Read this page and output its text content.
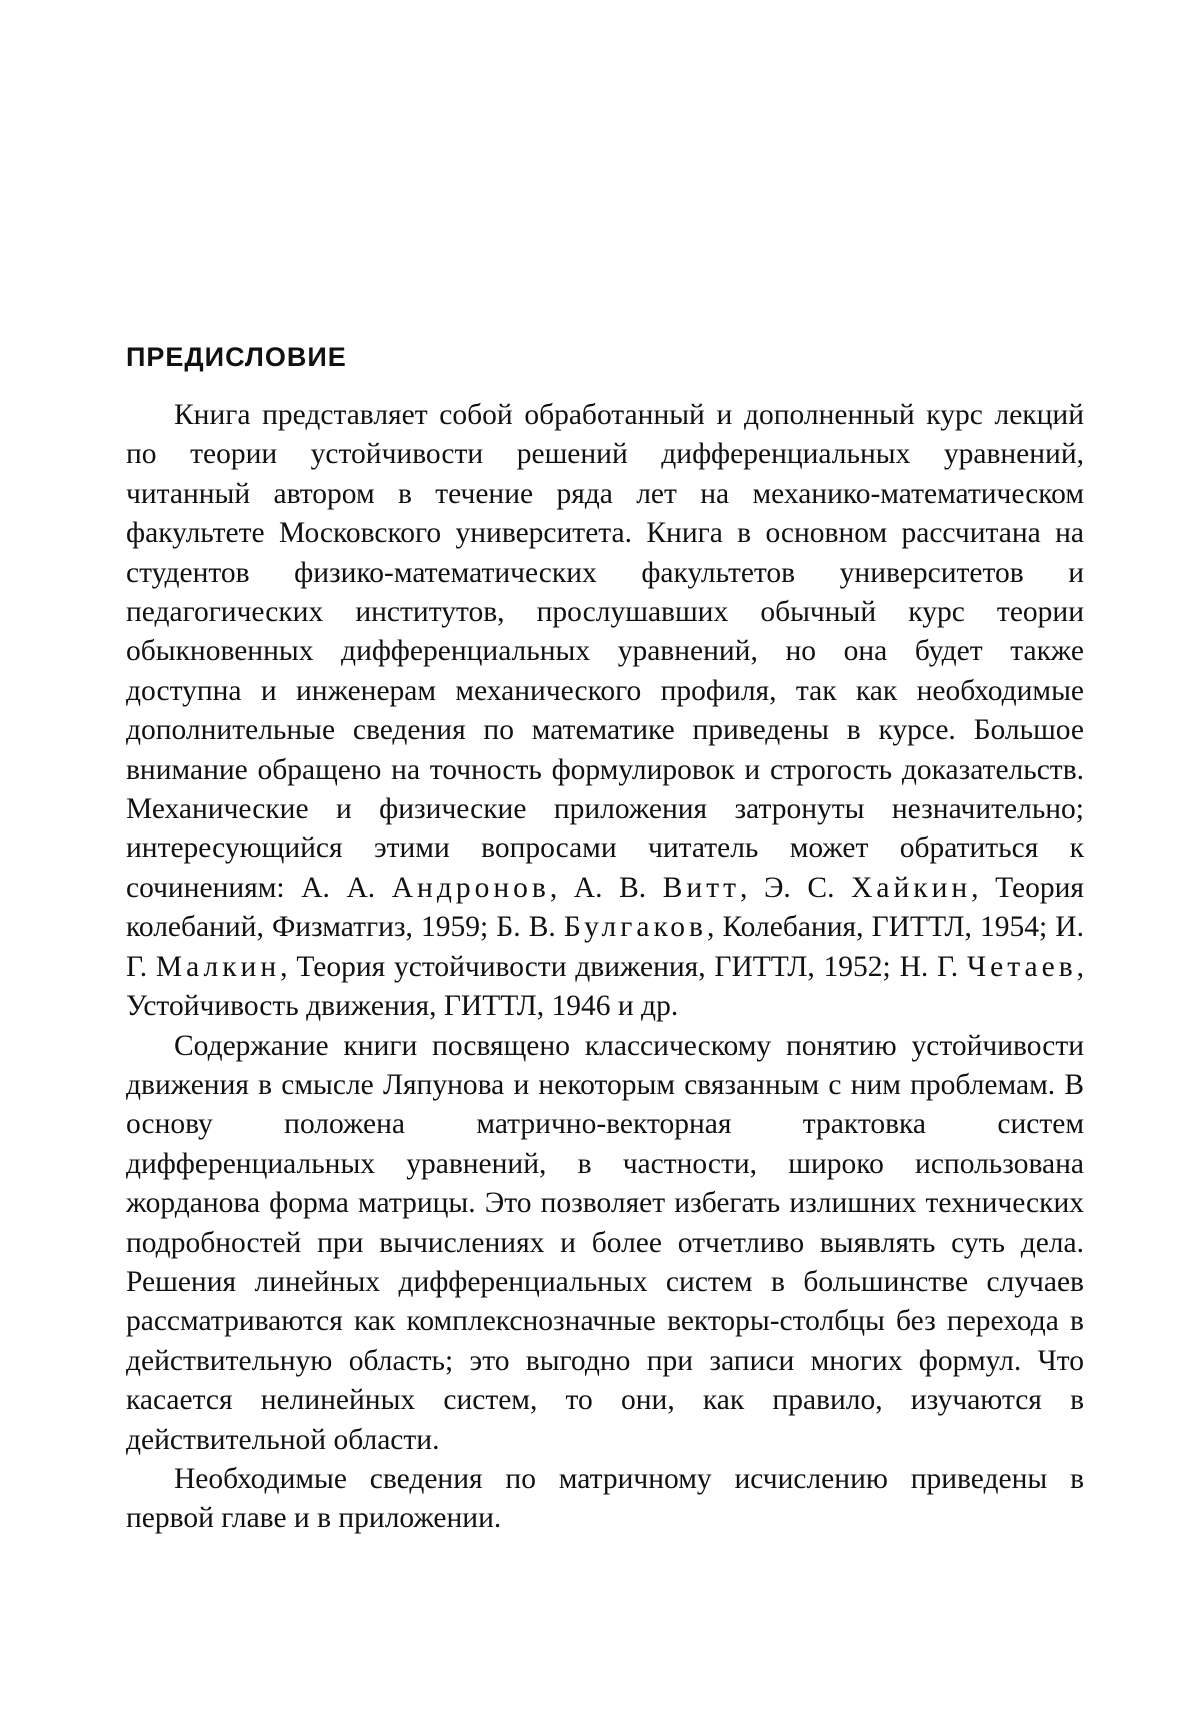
ПРЕДИСЛОВИЕ

Книга представляет собой обработанный и дополненный курс лекций по теории устойчивости решений дифференциальных уравнений, читанный автором в течение ряда лет на механико-математическом факультете Московского университета. Книга в основном рассчитана на студентов физико-математических факультетов университетов и педагогических институтов, прослушавших обычный курс теории обыкновенных дифференциальных уравнений, но она будет также доступна и инженерам механического профиля, так как необходимые дополнительные сведения по математике приведены в курсе. Большое внимание обращено на точность формулировок и строгость доказательств. Механические и физические приложения затронуты незначительно; интересующийся этими вопросами читатель может обратиться к сочинениям: А. А. Андронов, А. В. Витт, Э. С. Хайкин, Теория колебаний, Физматгиз, 1959; Б. В. Булгаков, Колебания, ГИТТЛ, 1954; И. Г. Малкин, Теория устойчивости движения, ГИТТЛ, 1952; Н. Г. Четаев, Устойчивость движения, ГИТТЛ, 1946 и др.

Содержание книги посвящено классическому понятию устойчивости движения в смысле Ляпунова и некоторым связанным с ним проблемам. В основу положена матрично-векторная трактовка систем дифференциальных уравнений, в частности, широко использована жорданова форма матрицы. Это позволяет избегать излишних технических подробностей при вычислениях и более отчетливо выявлять суть дела. Решения линейных дифференциальных систем в большинстве случаев рассматриваются как комплекснозначные векторы-столбцы без перехода в действительную область; это выгодно при записи многих формул. Что касается нелинейных систем, то они, как правило, изучаются в действительной области.

Необходимые сведения по матричному исчислению приведены в первой главе и в приложении.
